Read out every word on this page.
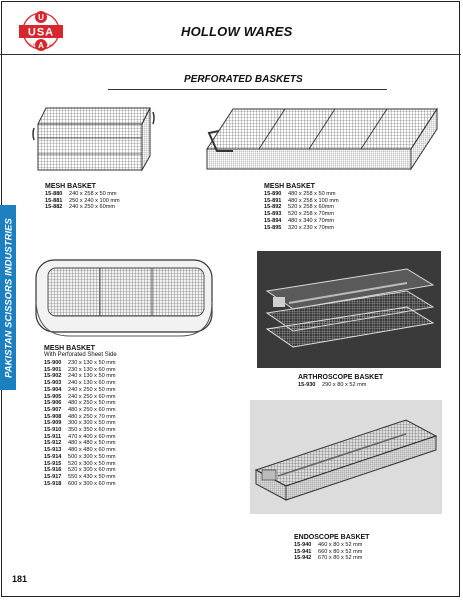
U
USA
A
D E N T A L
HOLLOW WARES
PERFORATED BASKETS
PAKISTAN SCISSORS INDUSTRIES
MESH BASKET
15-880	240 x 258 x 50 mm
15-881	250 x 240 x 100 mm
15-882	240 x 250 x 60mm
MESH BASKET
15-890	480 x 258 x 50 mm
15-891	480 x 258 x 100 mm
15-892	520 x 258 x 60mm
15-893	520 x 258 x 70mm
15-894	480 x 340 x 70mm
15-895	320 x 230 x 70mm
ARTHROSCOPE BASKET
15-930	290 x 80 x 52 mm
MESH BASKET
With Perforated Sheet Side
15-900	230 x 130 x 50 mm
15-901	230 x 130 x 60 mm
15-902	240 x 130 x 50 mm
15-903	240 x 130 x 60 mm
15-904	240 x 250 x 50 mm
15-905	240 x 250 x 60 mm
15-906	480 x 250 x 50 mm
15-907	480 x 250 x 60 mm
15-908	480 x 250 x 70 mm
15-909	300 x 300 x 50 mm
15-910	350 x 350 x 60 mm
15-911	470 x 400 x 60 mm
15-912	480 x 480 x 50 mm
15-913	480 x 480 x 60 mm
15-914	500 x 300 x 50 mm
15-915	520 x 300 x 50 mm
15-916	520 x 300 x 60 mm
15-917	550 x 430 x 50 mm
15-918	600 x 300 x 60 mm
ENDOSCOPE BASKET
15-940	460 x 80 x 52 mm
15-941	660 x 80 x 52 mm
15-942	670 x 80 x 52 mm
181
